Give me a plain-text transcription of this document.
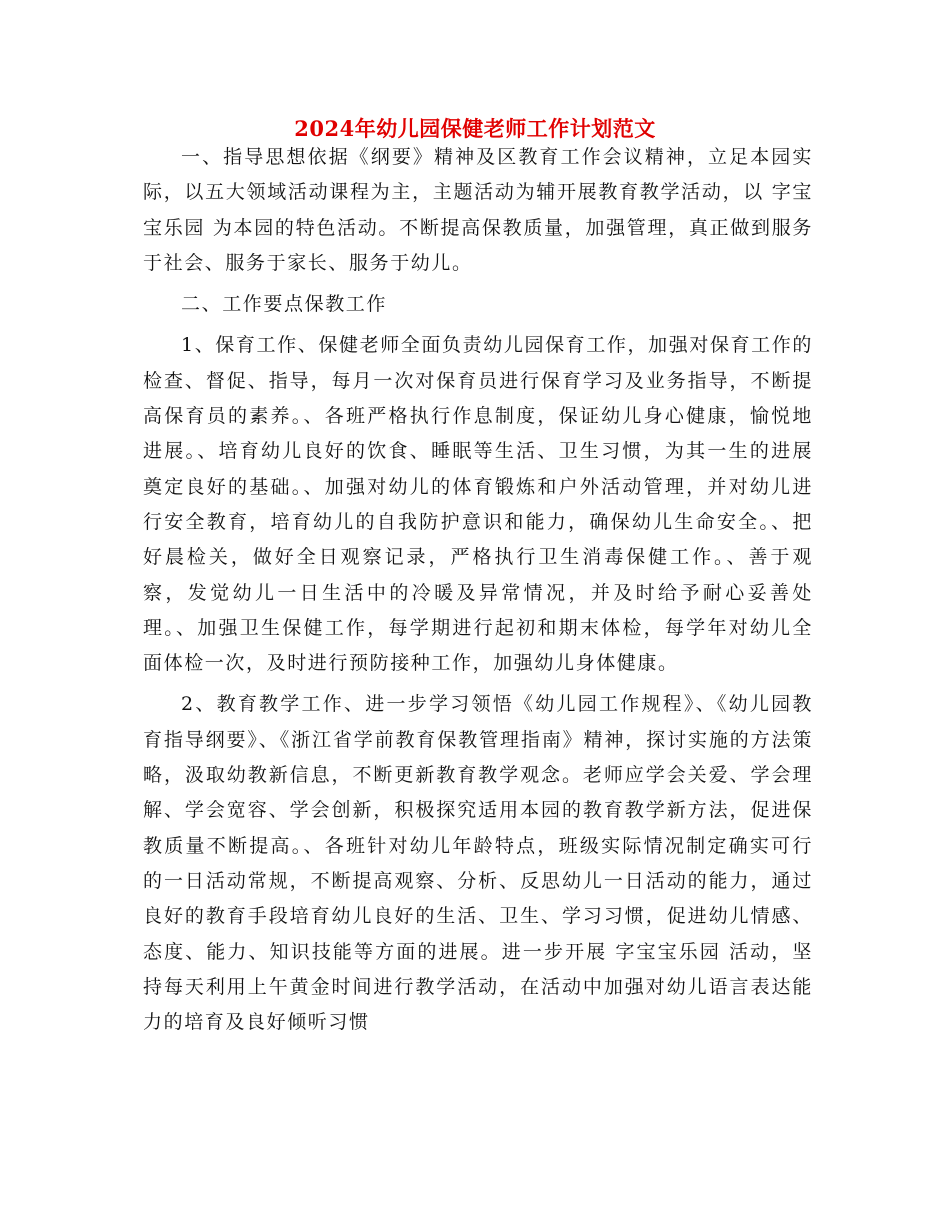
2024年幼儿园保健老师工作计划范文

一、指导思想依据《纲要》精神及区教育工作会议精神，立足本园实际，以五大领域活动课程为主，主题活动为辅开展教育教学活动，以 字宝宝乐园 为本园的特色活动。不断提高保教质量，加强管理，真正做到服务于社会、服务于家长、服务于幼儿。

二、工作要点保教工作

1、保育工作、保健老师全面负责幼儿园保育工作，加强对保育工作的检查、督促、指导，每月一次对保育员进行保育学习及业务指导，不断提高保育员的素养。、各班严格执行作息制度，保证幼儿身心健康，愉悦地进展。、培育幼儿良好的饮食、睡眠等生活、卫生习惯，为其一生的进展奠定良好的基础。、加强对幼儿的体育锻炼和户外活动管理，并对幼儿进行安全教育，培育幼儿的自我防护意识和能力，确保幼儿生命安全。、把好晨检关，做好全日观察记录，严格执行卫生消毒保健工作。、善于观察，发觉幼儿一日生活中的冷暖及异常情况，并及时给予耐心妥善处理。、加强卫生保健工作，每学期进行起初和期末体检，每学年对幼儿全面体检一次，及时进行预防接种工作，加强幼儿身体健康。

2、教育教学工作、进一步学习领悟《幼儿园工作规程》、《幼儿园教育指导纲要》、《浙江省学前教育保教管理指南》精神，探讨实施的方法策略，汲取幼教新信息，不断更新教育教学观念。老师应学会关爱、学会理解、学会宽容、学会创新，积极探究适用本园的教育教学新方法，促进保教质量不断提高。、各班针对幼儿年龄特点，班级实际情况制定确实可行的一日活动常规，不断提高观察、分析、反思幼儿一日活动的能力，通过良好的教育手段培育幼儿良好的生活、卫生、学习习惯，促进幼儿情感、态度、能力、知识技能等方面的进展。进一步开展 字宝宝乐园 活动，坚持每天利用上午黄金时间进行教学活动，在活动中加强对幼儿语言表达能力的培育及良好倾听习惯
